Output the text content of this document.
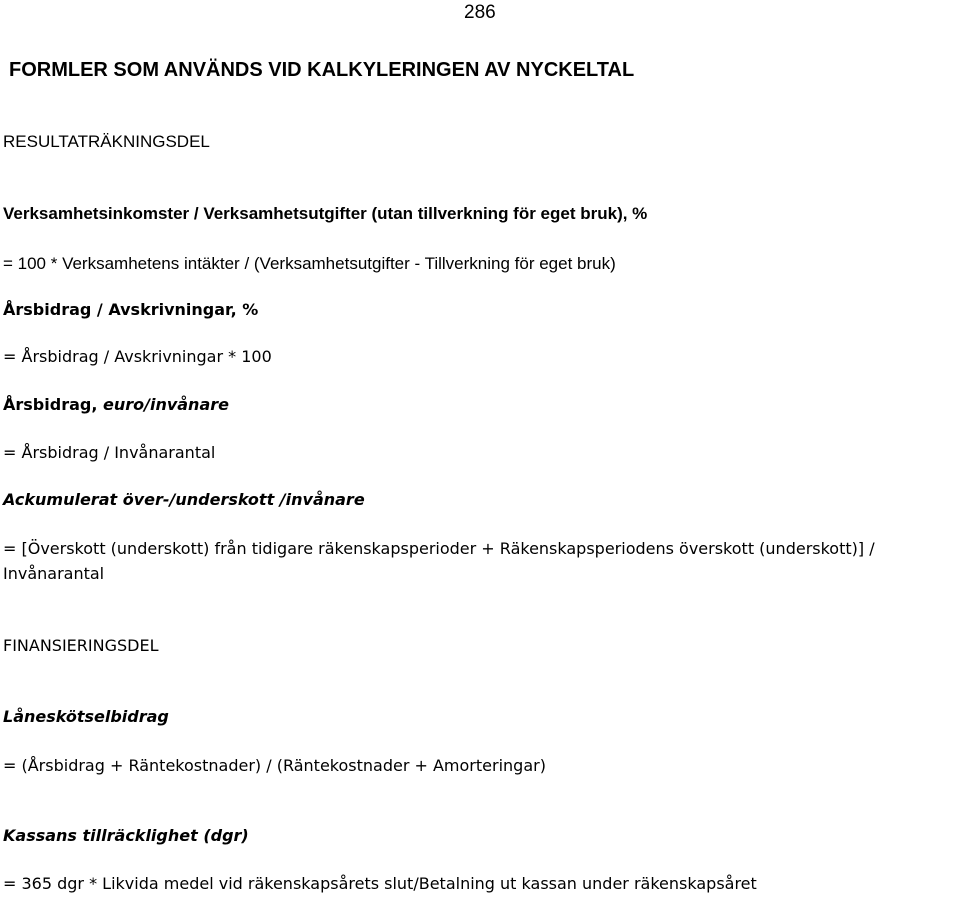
286

FORMLER SOM ANVÄNDS VID KALKYLERINGEN AV NYCKELTAL

RESULTATRÄKNINGSDEL

Verksamhetsinkomster / Verksamhetsutgifter (utan tillverkning för eget bruk), %

= 100 * Verksamhetens intäkter / (Verksamhetsutgifter - Tillverkning för eget bruk)

Årsbidrag / Avskrivningar, %

= Årsbidrag / Avskrivningar * 100

Årsbidrag, euro/invånare

= Årsbidrag / Invånarantal

Ackumulerat över-/underskott /invånare

= [Överskott (underskott) från tidigare räkenskapsperioder + Räkenskapsperiodens överskott (underskott)] /

Invånarantal

FINANSIERINGSDEL

Låneskötselbidrag

= (Årsbidrag + Räntekostnader) / (Räntekostnader + Amorteringar)

Kassans tillräcklighet (dgr)

= 365 dgr * Likvida medel vid räkenskapsårets slut/Betalning ut kassan under räkenskapsåret
